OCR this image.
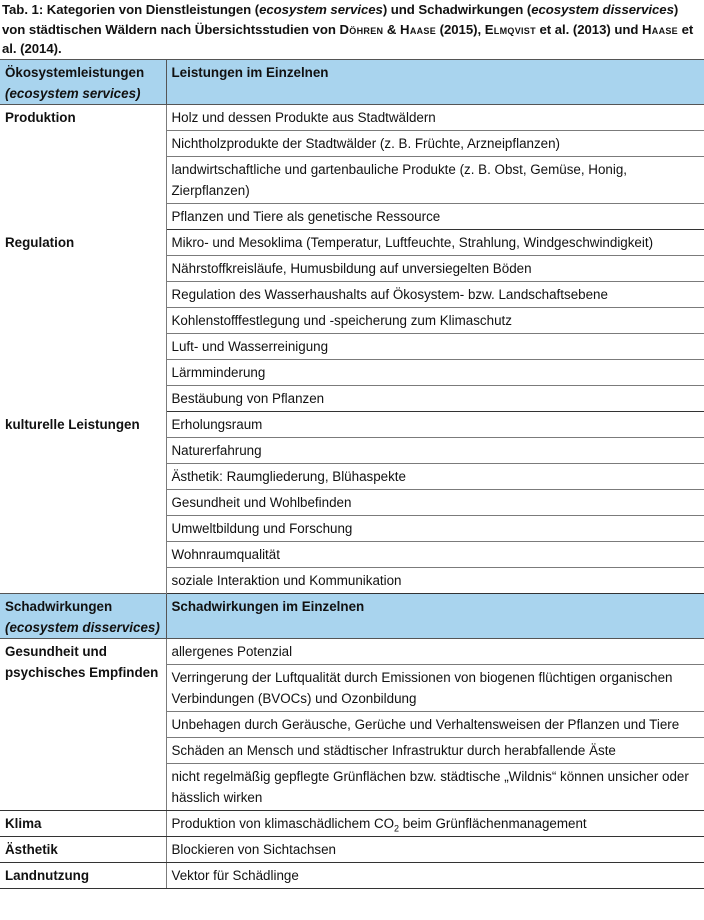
Tab. 1: Kategorien von Dienstleistungen (ecosystem services) und Schadwirkungen (ecosystem disservices) von städtischen Wäldern nach Übersichtsstudien von Döhren & Haase (2015), Elmqvist et al. (2013) und Haase et al. (2014).
Ökosystemleistungen
(ecosystem services)	Leistungen im Einzelnen
Produktion	Holz und dessen Produkte aus Stadtwäldern
	Nichtholzprodukte der Stadtwälder (z. B. Früchte, Arzneipflanzen)
	landwirtschaftliche und gartenbauliche Produkte (z. B. Obst, Gemüse, Honig, Zierpflanzen)
	Pflanzen und Tiere als genetische Ressource
Regulation	Mikro- und Mesoklima (Temperatur, Luftfeuchte, Strahlung, Windgeschwindigkeit)
	Nährstoffkreisläufe, Humusbildung auf unversiegelten Böden
	Regulation des Wasserhaushalts auf Ökosystem- bzw. Landschaftsebene
	Kohlenstofffestlegung und -speicherung zum Klimaschutz
	Luft- und Wasserreinigung
	Lärmminderung
	Bestäubung von Pflanzen
kulturelle Leistungen	Erholungsraum
	Naturerfahrung
	Ästhetik: Raumgliederung, Blühaspekte
	Gesundheit und Wohlbefinden
	Umweltbildung und Forschung
	Wohnraumqualität
	soziale Interaktion und Kommunikation
Schadwirkungen
(ecosystem disservices)	Schadwirkungen im Einzelnen
Gesundheit und psychisches Empfinden	allergenes Potenzial
	Verringerung der Luftqualität durch Emissionen von biogenen flüchtigen organischen Verbindungen (BVOCs) und Ozonbildung
	Unbehagen durch Geräusche, Gerüche und Verhaltensweisen der Pflanzen und Tiere
	Schäden an Mensch und städtischer Infrastruktur durch herabfallende Äste
	nicht regelmäßig gepflegte Grünflächen bzw. städtische „Wildnis“ können unsicher oder hässlich wirken
Klima	Produktion von klimaschädlichem $CO_2$ beim Grünflächenmanagement
Ästhetik	Blockieren von Sichtachsen
Landnutzung	Vektor für Schädlinge
